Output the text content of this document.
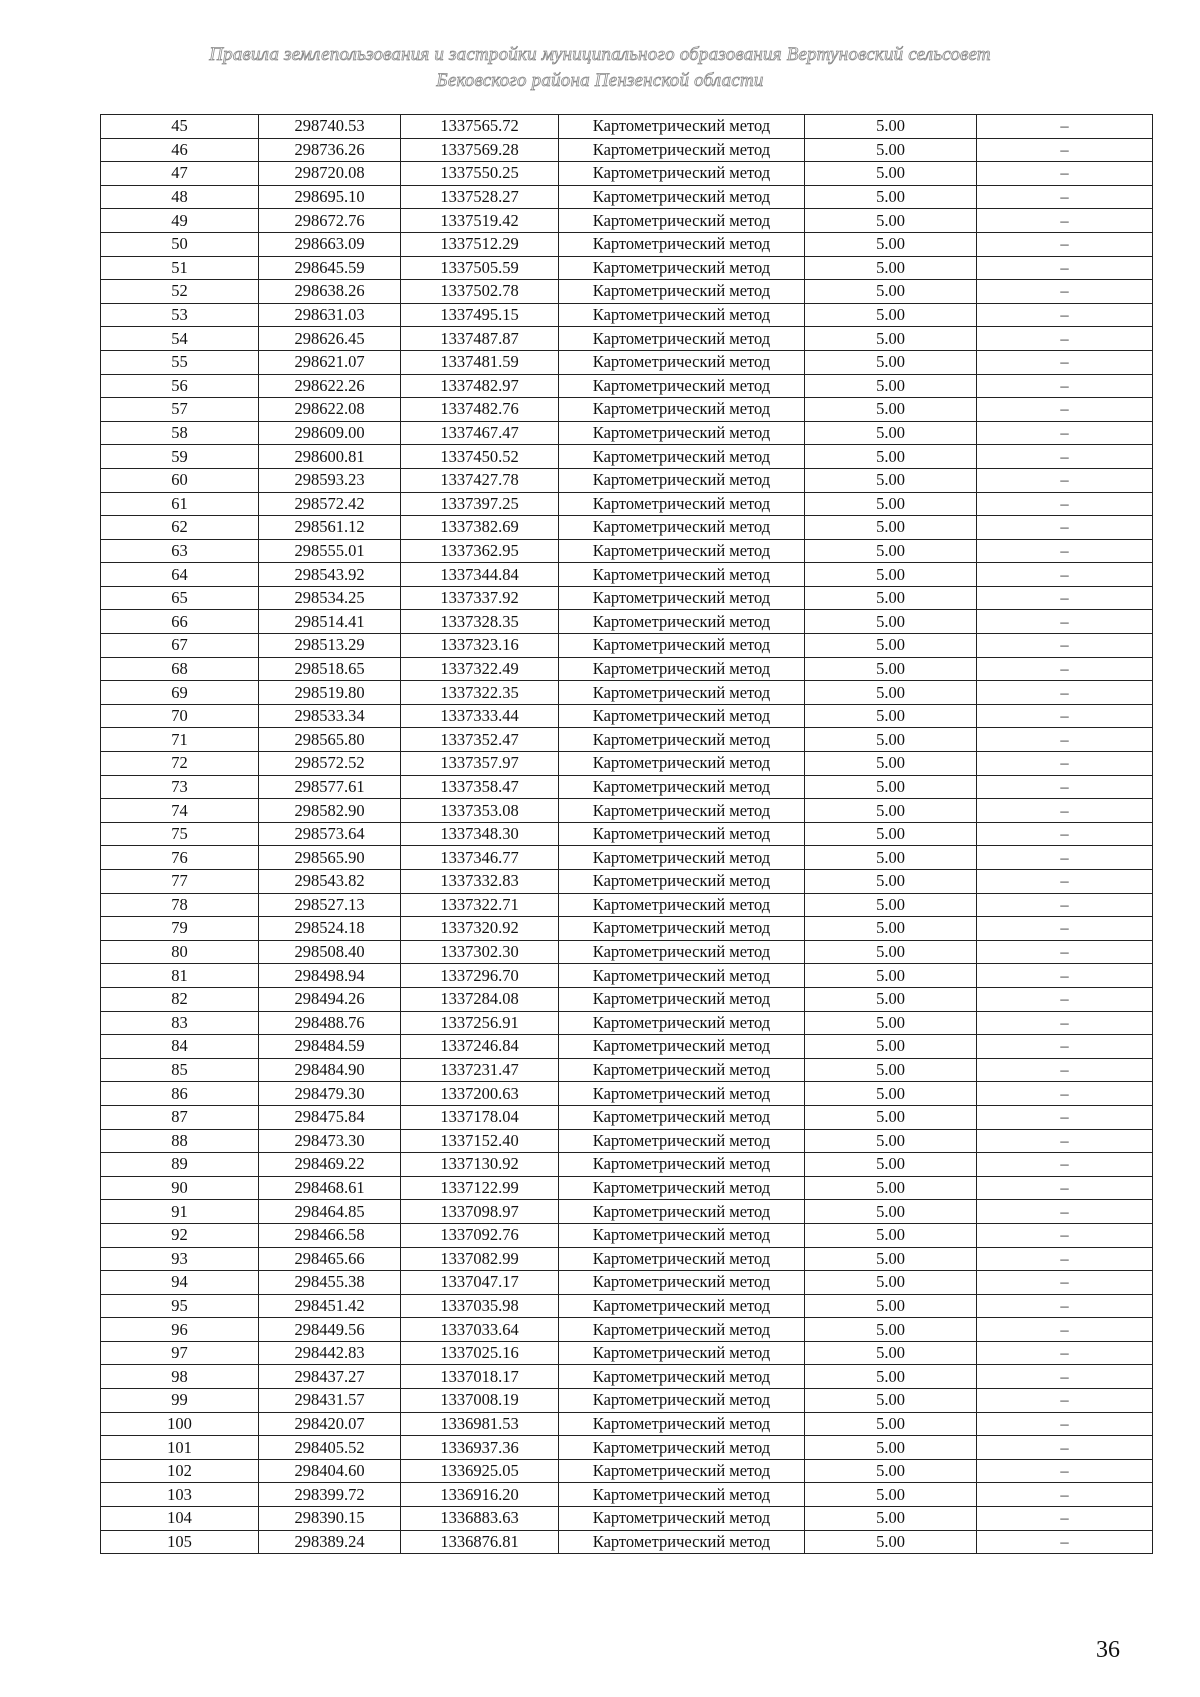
Правила землепользования и застройки муниципального образования Вертуновский сельсовет
Бековского района Пензенской области
45	298740.53	1337565.72	Картометрический метод	5.00	–
46	298736.26	1337569.28	Картометрический метод	5.00	–
47	298720.08	1337550.25	Картометрический метод	5.00	–
48	298695.10	1337528.27	Картометрический метод	5.00	–
49	298672.76	1337519.42	Картометрический метод	5.00	–
50	298663.09	1337512.29	Картометрический метод	5.00	–
51	298645.59	1337505.59	Картометрический метод	5.00	–
52	298638.26	1337502.78	Картометрический метод	5.00	–
53	298631.03	1337495.15	Картометрический метод	5.00	–
54	298626.45	1337487.87	Картометрический метод	5.00	–
55	298621.07	1337481.59	Картометрический метод	5.00	–
56	298622.26	1337482.97	Картометрический метод	5.00	–
57	298622.08	1337482.76	Картометрический метод	5.00	–
58	298609.00	1337467.47	Картометрический метод	5.00	–
59	298600.81	1337450.52	Картометрический метод	5.00	–
60	298593.23	1337427.78	Картометрический метод	5.00	–
61	298572.42	1337397.25	Картометрический метод	5.00	–
62	298561.12	1337382.69	Картометрический метод	5.00	–
63	298555.01	1337362.95	Картометрический метод	5.00	–
64	298543.92	1337344.84	Картометрический метод	5.00	–
65	298534.25	1337337.92	Картометрический метод	5.00	–
66	298514.41	1337328.35	Картометрический метод	5.00	–
67	298513.29	1337323.16	Картометрический метод	5.00	–
68	298518.65	1337322.49	Картометрический метод	5.00	–
69	298519.80	1337322.35	Картометрический метод	5.00	–
70	298533.34	1337333.44	Картометрический метод	5.00	–
71	298565.80	1337352.47	Картометрический метод	5.00	–
72	298572.52	1337357.97	Картометрический метод	5.00	–
73	298577.61	1337358.47	Картометрический метод	5.00	–
74	298582.90	1337353.08	Картометрический метод	5.00	–
75	298573.64	1337348.30	Картометрический метод	5.00	–
76	298565.90	1337346.77	Картометрический метод	5.00	–
77	298543.82	1337332.83	Картометрический метод	5.00	–
78	298527.13	1337322.71	Картометрический метод	5.00	–
79	298524.18	1337320.92	Картометрический метод	5.00	–
80	298508.40	1337302.30	Картометрический метод	5.00	–
81	298498.94	1337296.70	Картометрический метод	5.00	–
82	298494.26	1337284.08	Картометрический метод	5.00	–
83	298488.76	1337256.91	Картометрический метод	5.00	–
84	298484.59	1337246.84	Картометрический метод	5.00	–
85	298484.90	1337231.47	Картометрический метод	5.00	–
86	298479.30	1337200.63	Картометрический метод	5.00	–
87	298475.84	1337178.04	Картометрический метод	5.00	–
88	298473.30	1337152.40	Картометрический метод	5.00	–
89	298469.22	1337130.92	Картометрический метод	5.00	–
90	298468.61	1337122.99	Картометрический метод	5.00	–
91	298464.85	1337098.97	Картометрический метод	5.00	–
92	298466.58	1337092.76	Картометрический метод	5.00	–
93	298465.66	1337082.99	Картометрический метод	5.00	–
94	298455.38	1337047.17	Картометрический метод	5.00	–
95	298451.42	1337035.98	Картометрический метод	5.00	–
96	298449.56	1337033.64	Картометрический метод	5.00	–
97	298442.83	1337025.16	Картометрический метод	5.00	–
98	298437.27	1337018.17	Картометрический метод	5.00	–
99	298431.57	1337008.19	Картометрический метод	5.00	–
100	298420.07	1336981.53	Картометрический метод	5.00	–
101	298405.52	1336937.36	Картометрический метод	5.00	–
102	298404.60	1336925.05	Картометрический метод	5.00	–
103	298399.72	1336916.20	Картометрический метод	5.00	–
104	298390.15	1336883.63	Картометрический метод	5.00	–
105	298389.24	1336876.81	Картометрический метод	5.00	–
36
